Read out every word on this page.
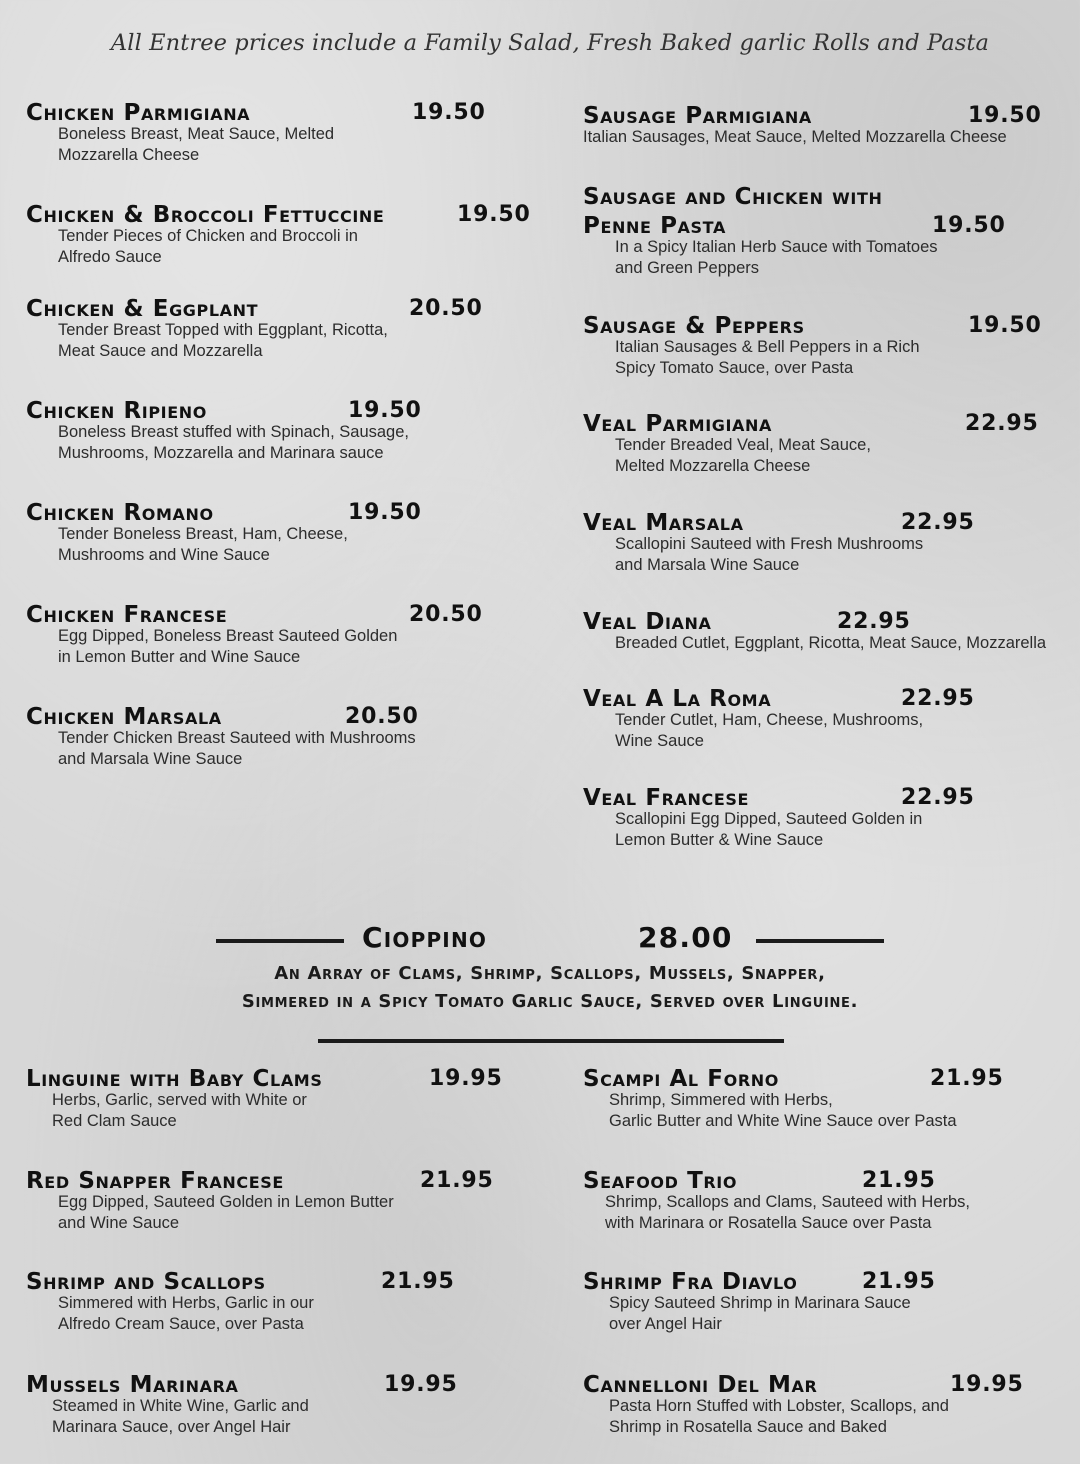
All Entree prices include a Family Salad, Fresh Baked garlic Rolls and Pasta
Chicken Parmigiana	19.50
Boneless Breast, Meat Sauce, Melted
Mozzarella Cheese
Chicken & Broccoli Fettuccine	19.50
Tender Pieces of Chicken and Broccoli in
Alfredo Sauce
Chicken & Eggplant	20.50
Tender Breast Topped with Eggplant, Ricotta,
Meat Sauce and Mozzarella
Chicken Ripieno	19.50
Boneless Breast stuffed with Spinach, Sausage,
Mushrooms, Mozzarella and Marinara sauce
Chicken Romano	19.50
Tender Boneless Breast, Ham, Cheese,
Mushrooms and Wine Sauce
Chicken Francese	20.50
Egg Dipped, Boneless Breast Sauteed Golden
in Lemon Butter and Wine Sauce
Chicken Marsala	20.50
Tender Chicken Breast Sauteed with Mushrooms
and Marsala Wine Sauce
Sausage Parmigiana	19.50
Italian Sausages, Meat Sauce, Melted Mozzarella Cheese
Sausage and Chicken with
Penne Pasta	19.50
In a Spicy Italian Herb Sauce with Tomatoes
and Green Peppers
Sausage & Peppers	19.50
Italian Sausages & Bell Peppers in a Rich
Spicy Tomato Sauce, over Pasta
Veal Parmigiana	22.95
Tender Breaded Veal, Meat Sauce,
Melted Mozzarella Cheese
Veal Marsala	22.95
Scallopini Sauteed with Fresh Mushrooms
and Marsala Wine Sauce
Veal Diana	22.95
Breaded Cutlet, Eggplant, Ricotta, Meat Sauce, Mozzarella
Veal A La Roma	22.95
Tender Cutlet, Ham, Cheese, Mushrooms,
Wine Sauce
Veal Francese	22.95
Scallopini Egg Dipped, Sauteed Golden in
Lemon Butter & Wine Sauce
Cioppino	28.00
An Array of Clams, Shrimp, Scallops, Mussels, Snapper,
Simmered in a Spicy Tomato Garlic Sauce, Served over Linguine.
Linguine with Baby Clams	19.95
Herbs, Garlic, served with White or
Red Clam Sauce
Red Snapper Francese	21.95
Egg Dipped, Sauteed Golden in Lemon Butter
and Wine Sauce
Shrimp and Scallops	21.95
Simmered with Herbs, Garlic in our
Alfredo Cream Sauce, over Pasta
Mussels Marinara	19.95
Steamed in White Wine, Garlic and
Marinara Sauce, over Angel Hair
Scampi Al Forno	21.95
Shrimp, Simmered with Herbs,
Garlic Butter and White Wine Sauce over Pasta
Seafood Trio	21.95
Shrimp, Scallops and Clams, Sauteed with Herbs,
with Marinara or Rosatella Sauce over Pasta
Shrimp Fra Diavlo	21.95
Spicy Sauteed Shrimp in Marinara Sauce
over Angel Hair
Cannelloni Del Mar	19.95
Pasta Horn Stuffed with Lobster, Scallops, and
Shrimp in Rosatella Sauce and Baked
